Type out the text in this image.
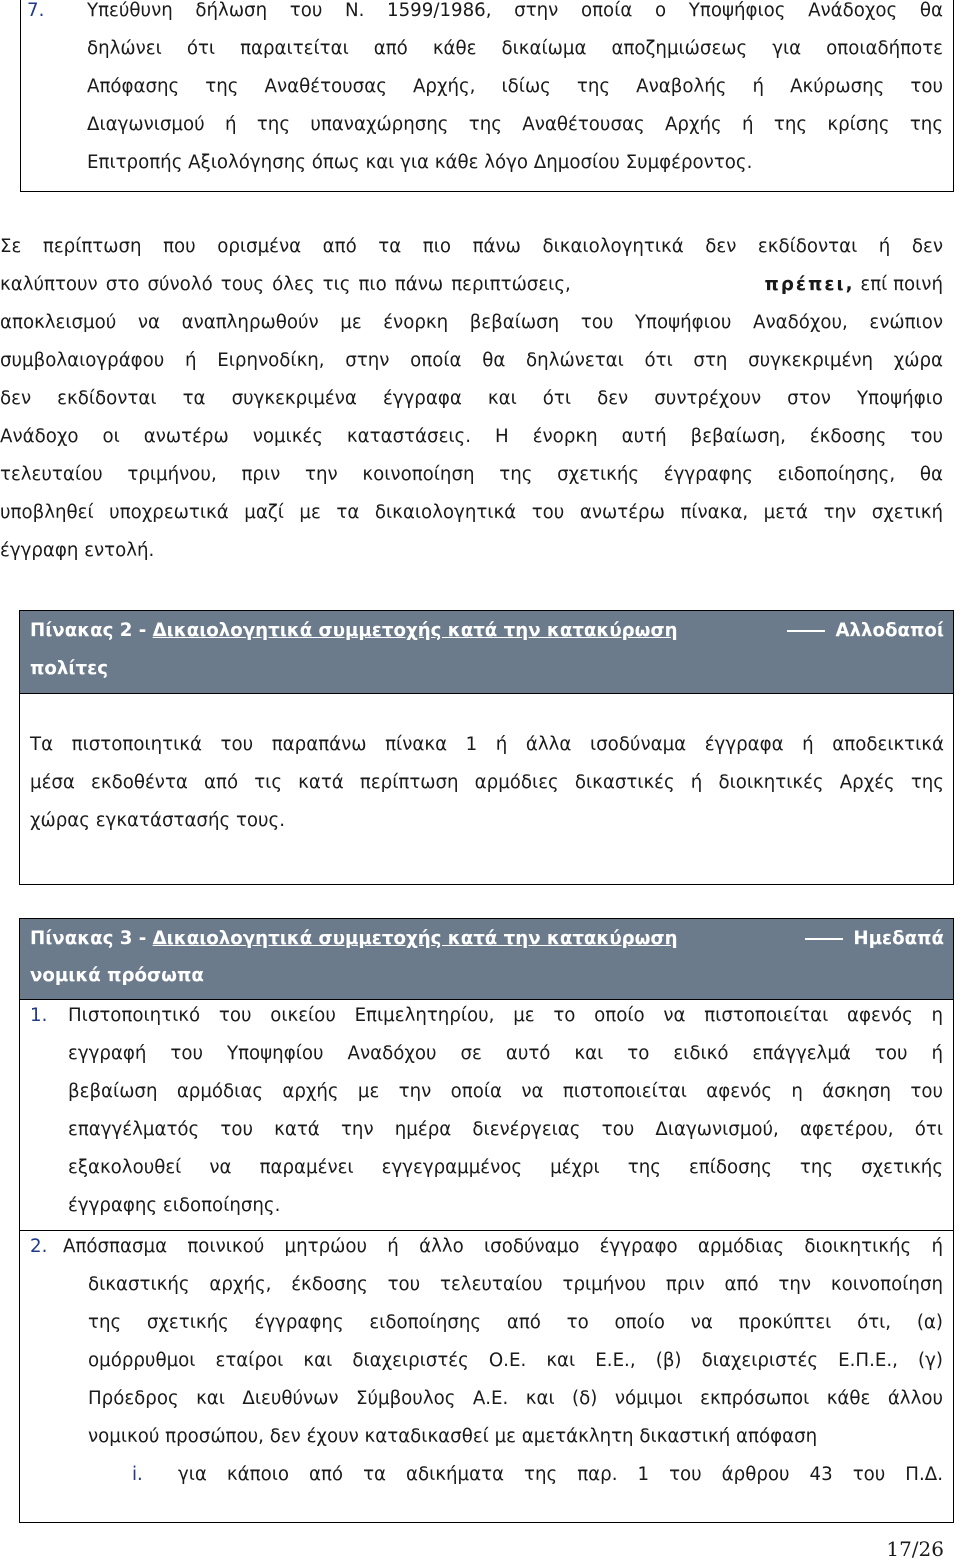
7. Υπεύθυνη δήλωση του Ν. 1599/1986, στην οποία ο Υποψήφιος Ανάδοχος θα
δηλώνει ότι παραιτείται από κάθε δικαίωμα αποζημιώσεως για οποιαδήποτε
Απόφασης της Αναθέτουσας Αρχής, ιδίως της Αναβολής ή Ακύρωσης του
Διαγωνισμού ή της υπαναχώρησης της Αναθέτουσας Αρχής ή της κρίσης της
Επιτροπής Αξιολόγησης όπως και για κάθε λόγο Δημοσίου Συμφέροντος.
Σε περίπτωση που ορισμένα από τα πιο πάνω δικαιολογητικά δεν εκδίδονται ή δεν
καλύπτουν στο σύνολό τους όλες τις πιο πάνω περιπτώσεις,	πρέπει, επί ποινή
αποκλεισμού να αναπληρωθούν με ένορκη βεβαίωση του Υποψήφιου Αναδόχου, ενώπιον
συμβολαιογράφου ή Ειρηνοδίκη, στην οποία θα δηλώνεται ότι στη συγκεκριμένη χώρα
δεν εκδίδονται τα συγκεκριμένα έγγραφα και ότι δεν συντρέχουν στον Υποψήφιο
Ανάδοχο οι ανωτέρω νομικές καταστάσεις. Η ένορκη αυτή βεβαίωση, έκδοσης του
τελευταίου τριμήνου, πριν την κοινοποίηση της σχετικής έγγραφης ειδοποίησης, θα
υποβληθεί υποχρεωτικά μαζί με τα δικαιολογητικά του ανωτέρω πίνακα, μετά την σχετική
έγγραφη εντολή.
Πίνακας 2 - Δικαιολογητικά συμμετοχής κατά την κατακύρωση	Αλλοδαποί
πολίτες
Τα πιστοποιητικά του παραπάνω πίνακα 1 ή άλλα ισοδύναμα έγγραφα ή αποδεικτικά
μέσα εκδοθέντα από τις κατά περίπτωση αρμόδιες δικαστικές ή διοικητικές Αρχές της
χώρας εγκατάστασής τους.
Πίνακας 3 - Δικαιολογητικά συμμετοχής κατά την κατακύρωση	Ημεδαπά
νομικά πρόσωπα
1.	Πιστοποιητικό του οικείου Επιμελητηρίου, με το οποίο να πιστοποιείται αφενός η
εγγραφή του Υποψηφίου Αναδόχου σε αυτό και το ειδικό επάγγελμά του ή
βεβαίωση αρμόδιας αρχής με την οποία να πιστοποιείται αφενός η άσκηση του
επαγγέλματός του κατά την ημέρα διενέργειας του Διαγωνισμού, αφετέρου, ότι
εξακολουθεί να παραμένει εγγεγραμμένος μέχρι της επίδοσης της σχετικής
έγγραφης ειδοποίησης.
2. Απόσπασμα ποινικού μητρώου ή άλλο ισοδύναμο έγγραφο αρμόδιας διοικητικής ή
δικαστικής αρχής, έκδοσης του τελευταίου τριμήνου πριν από την κοινοποίηση
της σχετικής έγγραφης ειδοποίησης από το οποίο να προκύπτει ότι, (α)
ομόρρυθμοι εταίροι και διαχειριστές Ο.Ε. και Ε.Ε., (β) διαχειριστές Ε.Π.Ε., (γ)
Πρόεδρος και Διευθύνων Σύμβουλος Α.Ε. και (δ) νόμιμοι εκπρόσωποι κάθε άλλου
νομικού προσώπου, δεν έχουν καταδικασθεί με αμετάκλητη δικαστική απόφαση
i.	για κάποιο από τα αδικήματα της παρ. 1 του άρθρου 43 του Π.Δ.
17/26
